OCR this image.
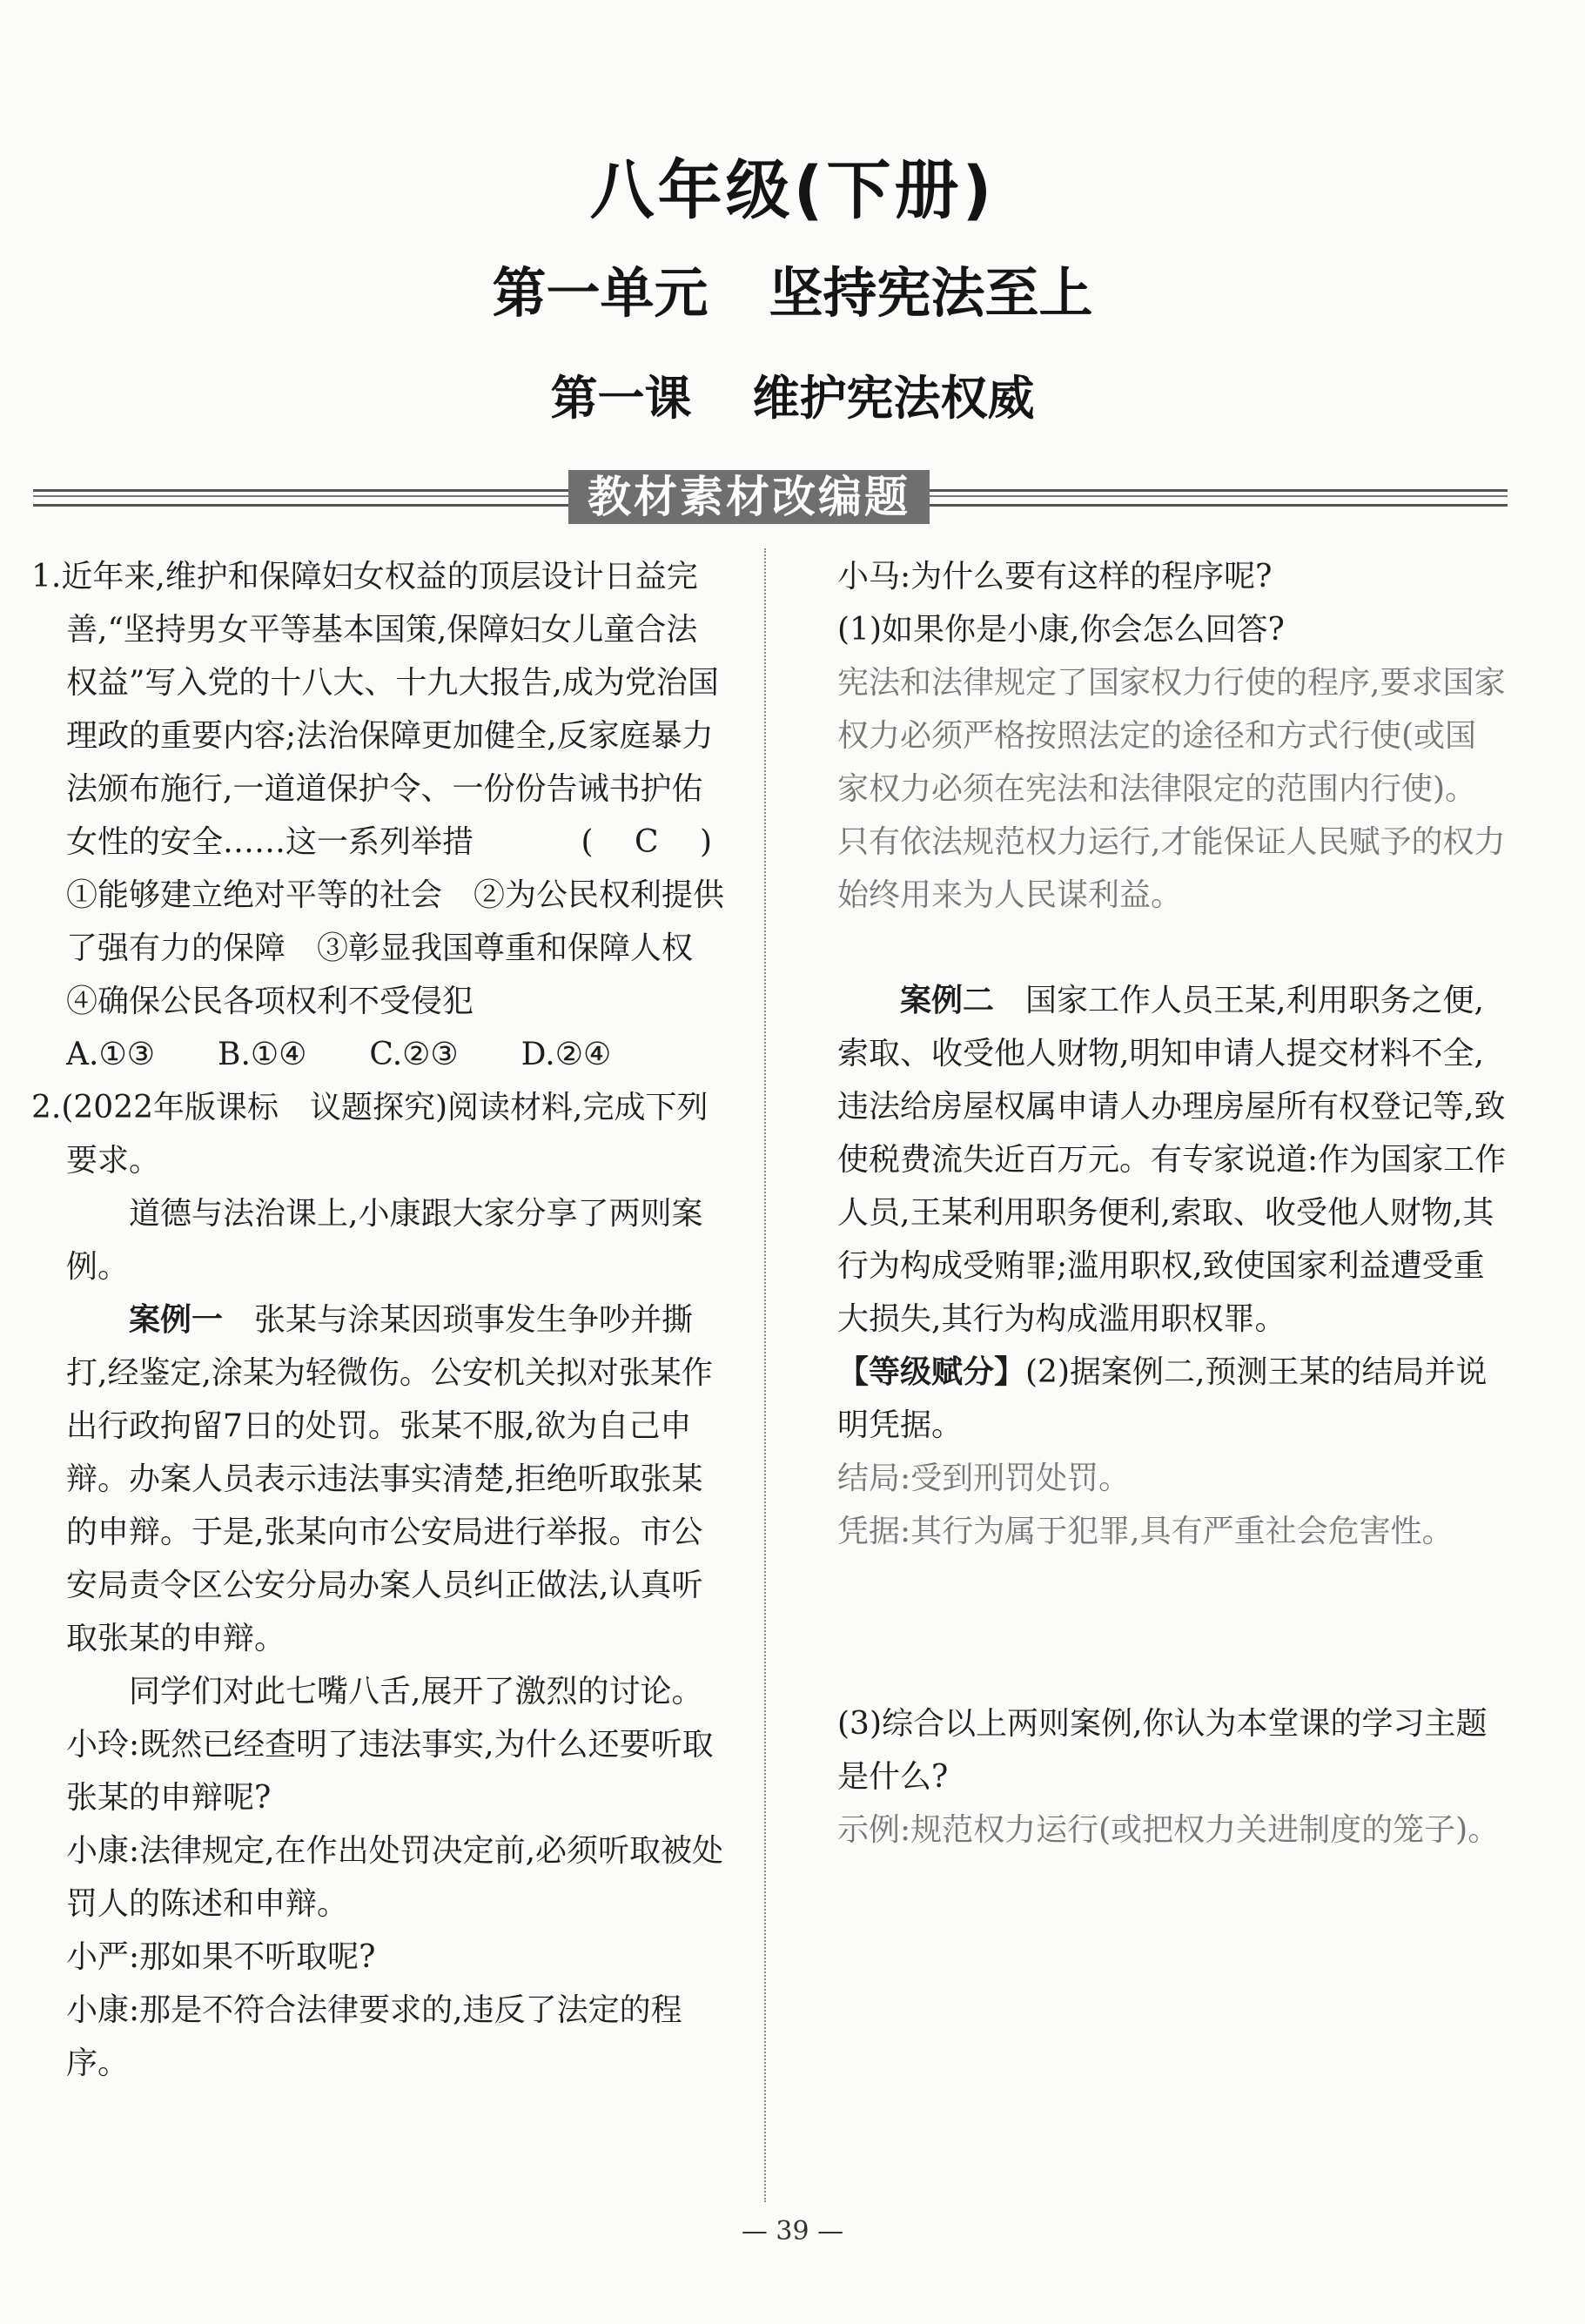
八年级(下册)
第一单元 坚持宪法至上
第一课 维护宪法权威
教材素材改编题

1.近年来,维护和保障妇女权益的顶层设计日益完善,“坚持男女平等基本国策,保障妇女儿童合法权益”写入党的十八大、十九大报告,成为党治国理政的重要内容;法治保障更加健全,反家庭暴力法颁布施行,一道道保护令、一份份告诫书护佑女性的安全……这一系列举措	( C )

①能够建立绝对平等的社会　②为公民权利提供了强有力的保障　③彰显我国尊重和保障人权　④确保公民各项权利不受侵犯

A.①③　　B.①④　　C.②③　　D.②④

2.(2022年版课标　议题探究)阅读材料,完成下列要求。

道德与法治课上,小康跟大家分享了两则案例。

案例一　 张某与涂某因琐事发生争吵并撕打,经鉴定,涂某为轻微伤。公安机关拟对张某作出行政拘留7日的处罚。张某不服,欲为自己申辩。办案人员表示违法事实清楚,拒绝听取张某的申辩。于是,张某向市公安局进行举报。市公安局责令区公安分局办案人员纠正做法,认真听取张某的申辩。

同学们对此七嘴八舌,展开了激烈的讨论。

小玲:既然已经查明了违法事实,为什么还要听取张某的申辩呢?

小康:法律规定,在作出处罚决定前,必须听取被处罚人的陈述和申辩。

小严:那如果不听取呢?

小康:那是不符合法律要求的,违反了法定的程序。

小马:为什么要有这样的程序呢?

(1)如果你是小康,你会怎么回答?

宪法和法律规定了国家权力行使的程序,要求国家权力必须严格按照法定的途径和方式行使(或国家权力必须在宪法和法律限定的范围内行使)。只有依法规范权力运行,才能保证人民赋予的权力始终用来为人民谋利益。

案例二　 国家工作人员王某,利用职务之便,索取、收受他人财物,明知申请人提交材料不全,违法给房屋权属申请人办理房屋所有权登记等,致使税费流失近百万元。有专家说道:作为国家工作人员,王某利用职务便利,索取、收受他人财物,其行为构成受贿罪;滥用职权,致使国家利益遭受重大损失,其行为构成滥用职权罪。

【等级赋分】(2)据案例二,预测王某的结局并说明凭据。

结局:受到刑罚处罚。

凭据:其行为属于犯罪,具有严重社会危害性。

(3)综合以上两则案例,你认为本堂课的学习主题是什么?

示例:规范权力运行(或把权力关进制度的笼子)。

— 39 —
